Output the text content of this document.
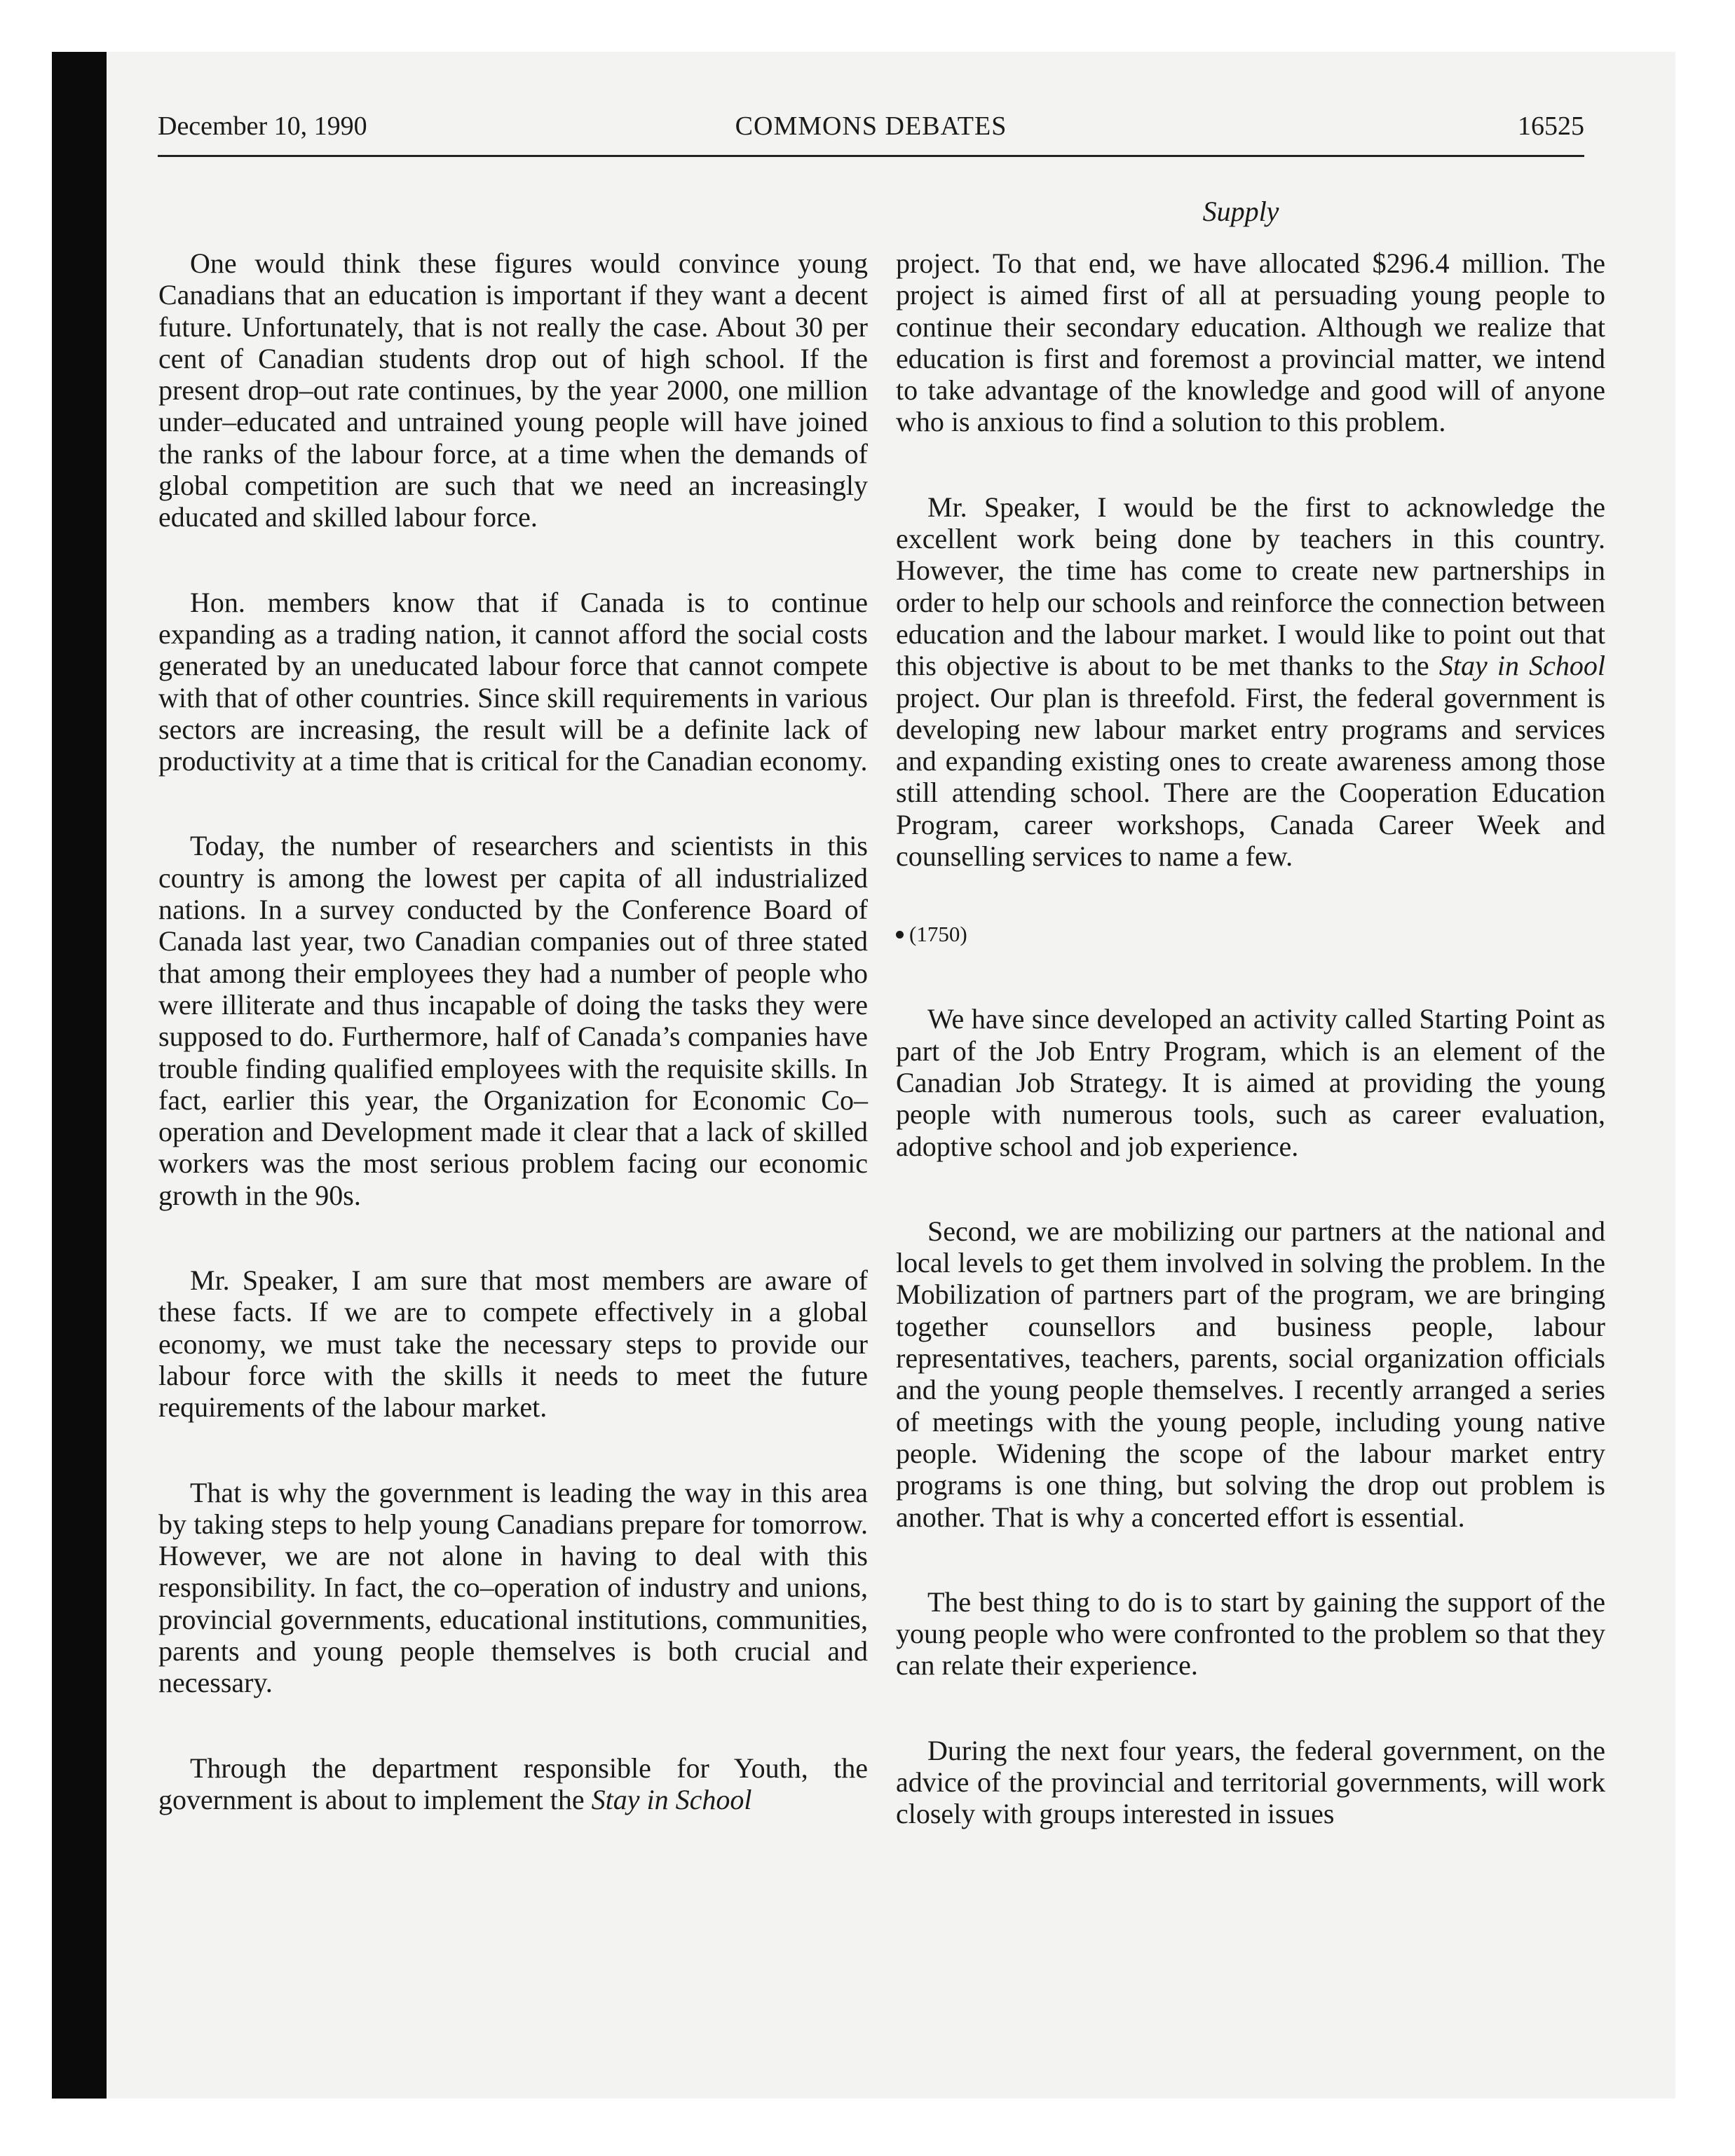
December 10, 1990	COMMONS DEBATES	16525
Supply

One would think these figures would convince young Canadians that an education is important if they want a decent future. Unfortunately, that is not really the case. About 30 per cent of Canadian students drop out of high school. If the present drop–out rate continues, by the year 2000, one million under–educated and untrained young people will have joined the ranks of the labour force, at a time when the demands of global competition are such that we need an increasingly educated and skilled labour force.

Hon. members know that if Canada is to continue expanding as a trading nation, it cannot afford the social costs generated by an uneducated labour force that cannot compete with that of other countries. Since skill requirements in various sectors are increasing, the result will be a definite lack of productivity at a time that is critical for the Canadian economy.

Today, the number of researchers and scientists in this country is among the lowest per capita of all industrialized nations. In a survey conducted by the Conference Board of Canada last year, two Canadian companies out of three stated that among their employees they had a number of people who were illiterate and thus incapable of doing the tasks they were supposed to do. Furthermore, half of Canada’s companies have trouble finding qualified employees with the requisite skills. In fact, earlier this year, the Organization for Economic Co–operation and Development made it clear that a lack of skilled workers was the most serious problem facing our economic growth in the 90s.

Mr. Speaker, I am sure that most members are aware of these facts. If we are to compete effectively in a global economy, we must take the necessary steps to provide our labour force with the skills it needs to meet the future requirements of the labour market.

That is why the government is leading the way in this area by taking steps to help young Canadians prepare for tomorrow. However, we are not alone in having to deal with this responsibility. In fact, the co–operation of industry and unions, provincial governments, educational institutions, communities, parents and young people themselves is both crucial and necessary.

Through the department responsible for Youth, the government is about to implement the Stay in School

project. To that end, we have allocated $296.4 million. The project is aimed first of all at persuading young people to continue their secondary education. Although we realize that education is first and foremost a provincial matter, we intend to take advantage of the knowledge and good will of anyone who is anxious to find a solution to this problem.

Mr. Speaker, I would be the first to acknowledge the excellent work being done by teachers in this country. However, the time has come to create new partnerships in order to help our schools and reinforce the connection between education and the labour market. I would like to point out that this objective is about to be met thanks to the Stay in School project. Our plan is threefold. First, the federal government is developing new labour market entry programs and services and expanding existing ones to create awareness among those still attending school. There are the Cooperation Education Program, career workshops, Canada Career Week and counselling services to name a few.

(1750)

We have since developed an activity called Starting Point as part of the Job Entry Program, which is an element of the Canadian Job Strategy. It is aimed at providing the young people with numerous tools, such as career evaluation, adoptive school and job experience.

Second, we are mobilizing our partners at the national and local levels to get them involved in solving the problem. In the Mobilization of partners part of the program, we are bringing together counsellors and business people, labour representatives, teachers, parents, social organization officials and the young people themselves. I recently arranged a series of meetings with the young people, including young native people. Widening the scope of the labour market entry programs is one thing, but solving the drop out problem is another. That is why a concerted effort is essential.

The best thing to do is to start by gaining the support of the young people who were confronted to the problem so that they can relate their experience.

During the next four years, the federal government, on the advice of the provincial and territorial governments, will work closely with groups interested in issues
